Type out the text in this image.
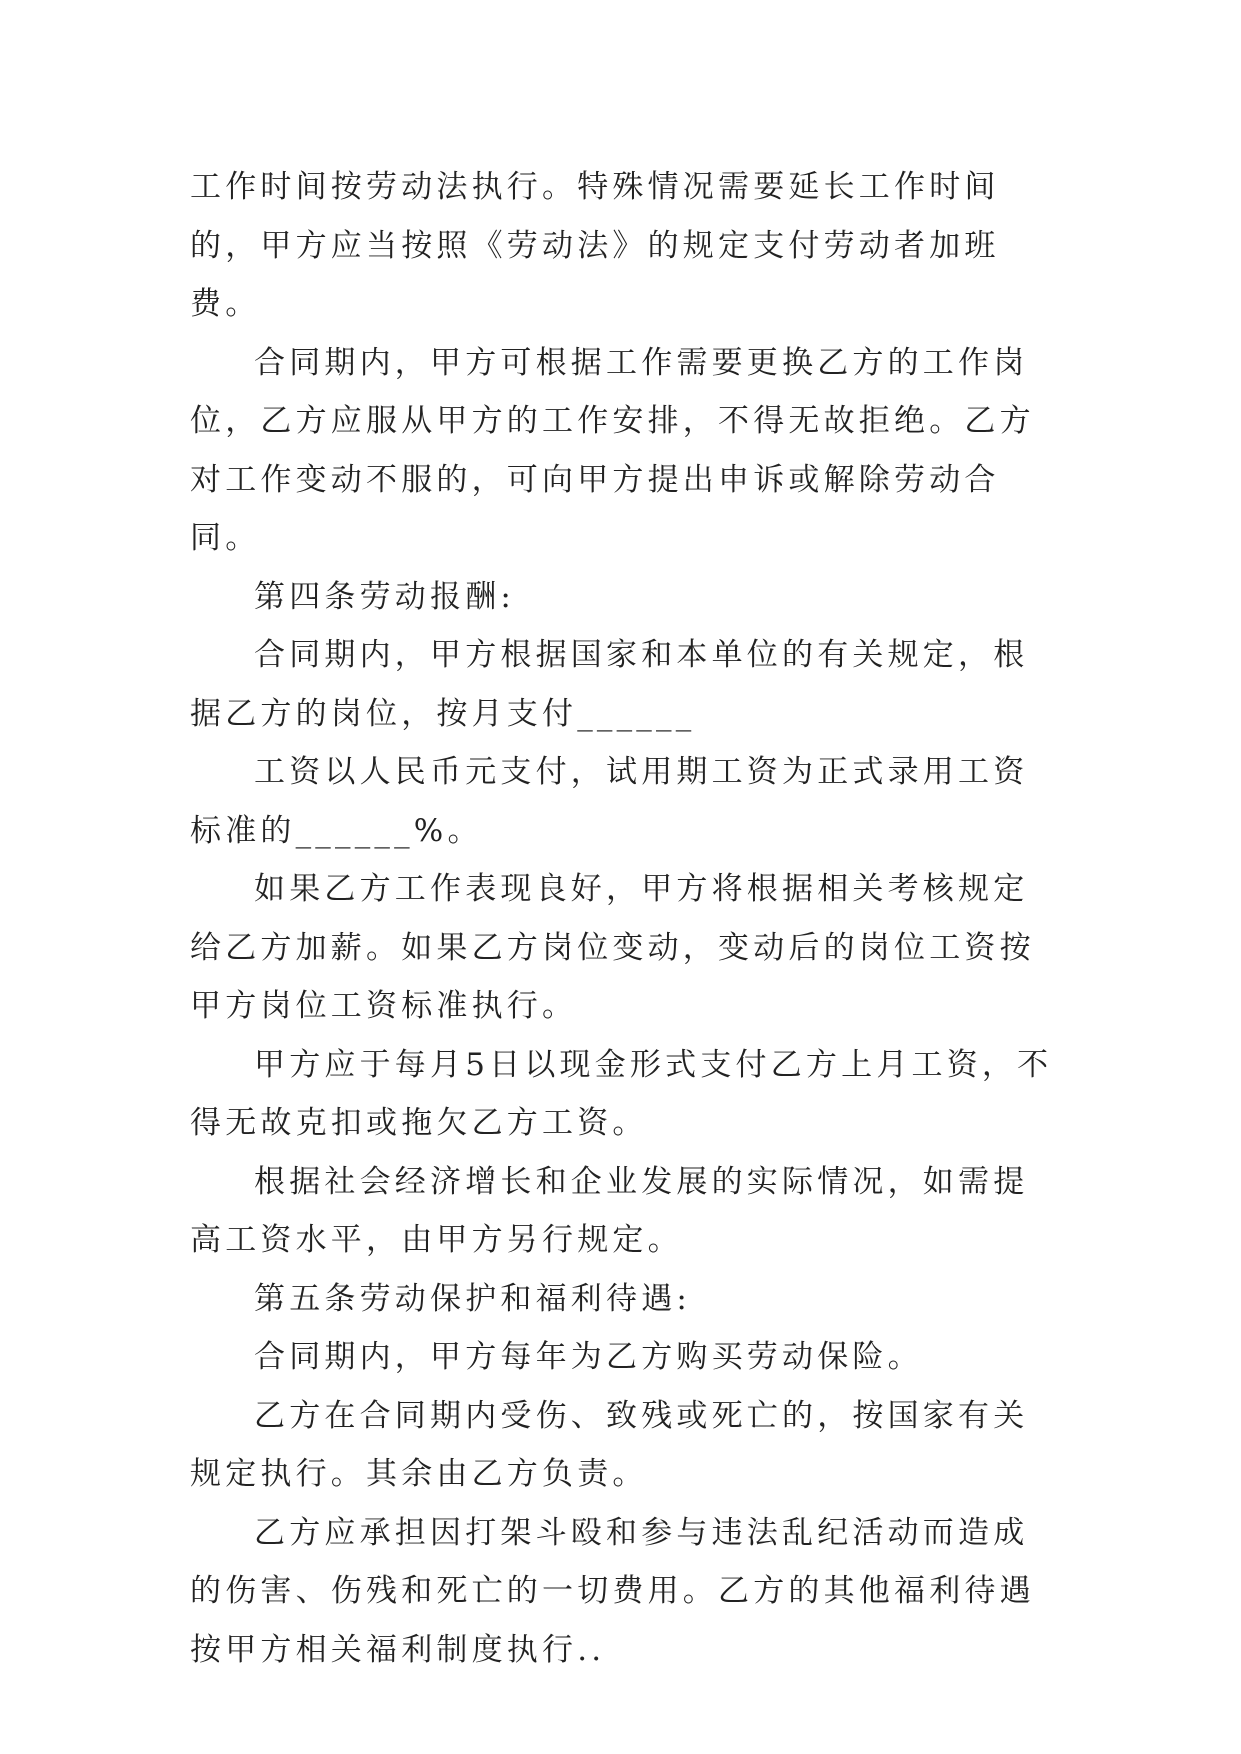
工作时间按劳动法执行。特殊情况需要延长工作时间的，甲方应当按照《劳动法》的规定支付劳动者加班费。

合同期内，甲方可根据工作需要更换乙方的工作岗位，乙方应服从甲方的工作安排，不得无故拒绝。乙方对工作变动不服的，可向甲方提出申诉或解除劳动合同。

第四条劳动报酬:

合同期内，甲方根据国家和本单位的有关规定，根据乙方的岗位，按月支付______

工资以人民币元支付，试用期工资为正式录用工资标准的______%。

如果乙方工作表现良好，甲方将根据相关考核规定给乙方加薪。如果乙方岗位变动，变动后的岗位工资按甲方岗位工资标准执行。

甲方应于每月5日以现金形式支付乙方上月工资，不得无故克扣或拖欠乙方工资。

根据社会经济增长和企业发展的实际情况，如需提高工资水平，由甲方另行规定。

第五条劳动保护和福利待遇:

合同期内，甲方每年为乙方购买劳动保险。

乙方在合同期内受伤、致残或死亡的，按国家有关规定执行。其余由乙方负责。

乙方应承担因打架斗殴和参与违法乱纪活动而造成的伤害、伤残和死亡的一切费用。乙方的其他福利待遇按甲方相关福利制度执行..
